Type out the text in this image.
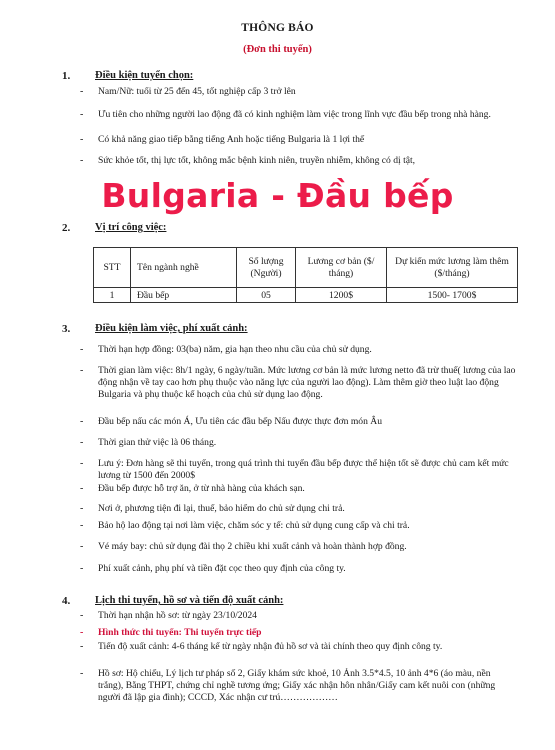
THÔNG BÁO
(Đơn thi tuyển)
1. Điều kiện tuyển chọn:
-	Nam/Nữ: tuổi từ 25 đến 45, tốt nghiệp cấp 3 trở lên
-	Ưu tiên cho những người lao động đã có kinh nghiệm làm việc trong lĩnh vực đầu bếp trong nhà hàng.
-	Có khả năng giao tiếp bằng tiếng Anh hoặc tiếng Bulgaria là 1 lợi thế
-	Sức khỏe tốt, thị lực tốt, không mắc bệnh kinh niên, truyền nhiễm, không có dị tật,
Bulgaria - Đầu bếp
2. Vị trí công việc:
STT	Tên ngành nghề	Số lượng (Người)	Lương cơ bản ($/ tháng)	Dự kiến mức lương làm thêm ($/tháng)
1	Đầu bếp	05	1200$	1500- 1700$
3. Điều kiện làm việc, phí xuất cảnh:
-	Thời hạn hợp đồng: 03(ba) năm, gia hạn theo nhu cầu của chủ sử dụng.
-	Thời gian làm việc: 8h/1 ngày, 6 ngày/tuần. Mức lương cơ bản là mức lương netto đã trừ thuế( lương của lao động nhận về tay cao hơn phụ thuộc vào năng lực của người lao động). Làm thêm giờ theo luật lao động Bulgaria và phụ thuộc kế hoạch của chủ sử dụng lao động.
-	Đầu bếp nấu các món Á, Ưu tiên các đầu bếp Nấu được thực đơn món Âu
-	Thời gian thử việc là 06 tháng.
-	Lưu ý: Đơn hàng sẽ thi tuyển, trong quá trình thi tuyển đầu bếp được thể hiện tốt sẽ được chủ cam kết mức lương từ 1500 đến 2000$
-	Đầu bếp được hỗ trợ ăn, ở từ nhà hàng của khách sạn.
-	Nơi ở, phương tiện đi lại, thuế, bảo hiểm do chủ sử dụng chi trả.
-	Bảo hộ lao động tại nơi làm việc, chăm sóc y tế: chủ sử dụng cung cấp và chi trả.
-	Vé máy bay: chủ sử dụng đài thọ 2 chiều khi xuất cảnh và hoàn thành hợp đồng.
-	Phí xuất cảnh, phụ phí và tiền đặt cọc theo quy định của công ty.
4. Lịch thi tuyển, hồ sơ và tiến độ xuất cảnh:
-	Thời hạn nhận hồ sơ: từ ngày 23/10/2024
-	Hình thức thi tuyển: Thi tuyển trực tiếp
-	Tiến độ xuất cảnh: 4-6 tháng kể từ ngày nhận đủ hồ sơ và tài chính theo quy định công ty.
-	Hồ sơ: Hộ chiếu, Lý lịch tư pháp số 2, Giấy khám sức khoẻ, 10 Ảnh 3.5*4.5, 10 ảnh 4*6 (áo màu, nền trắng), Bằng THPT, chứng chỉ nghề tương ứng; Giấy xác nhận hôn nhân/Giấy cam kết nuôi con (những người đã lập gia đình); CCCD, Xác nhận cư trú………………
